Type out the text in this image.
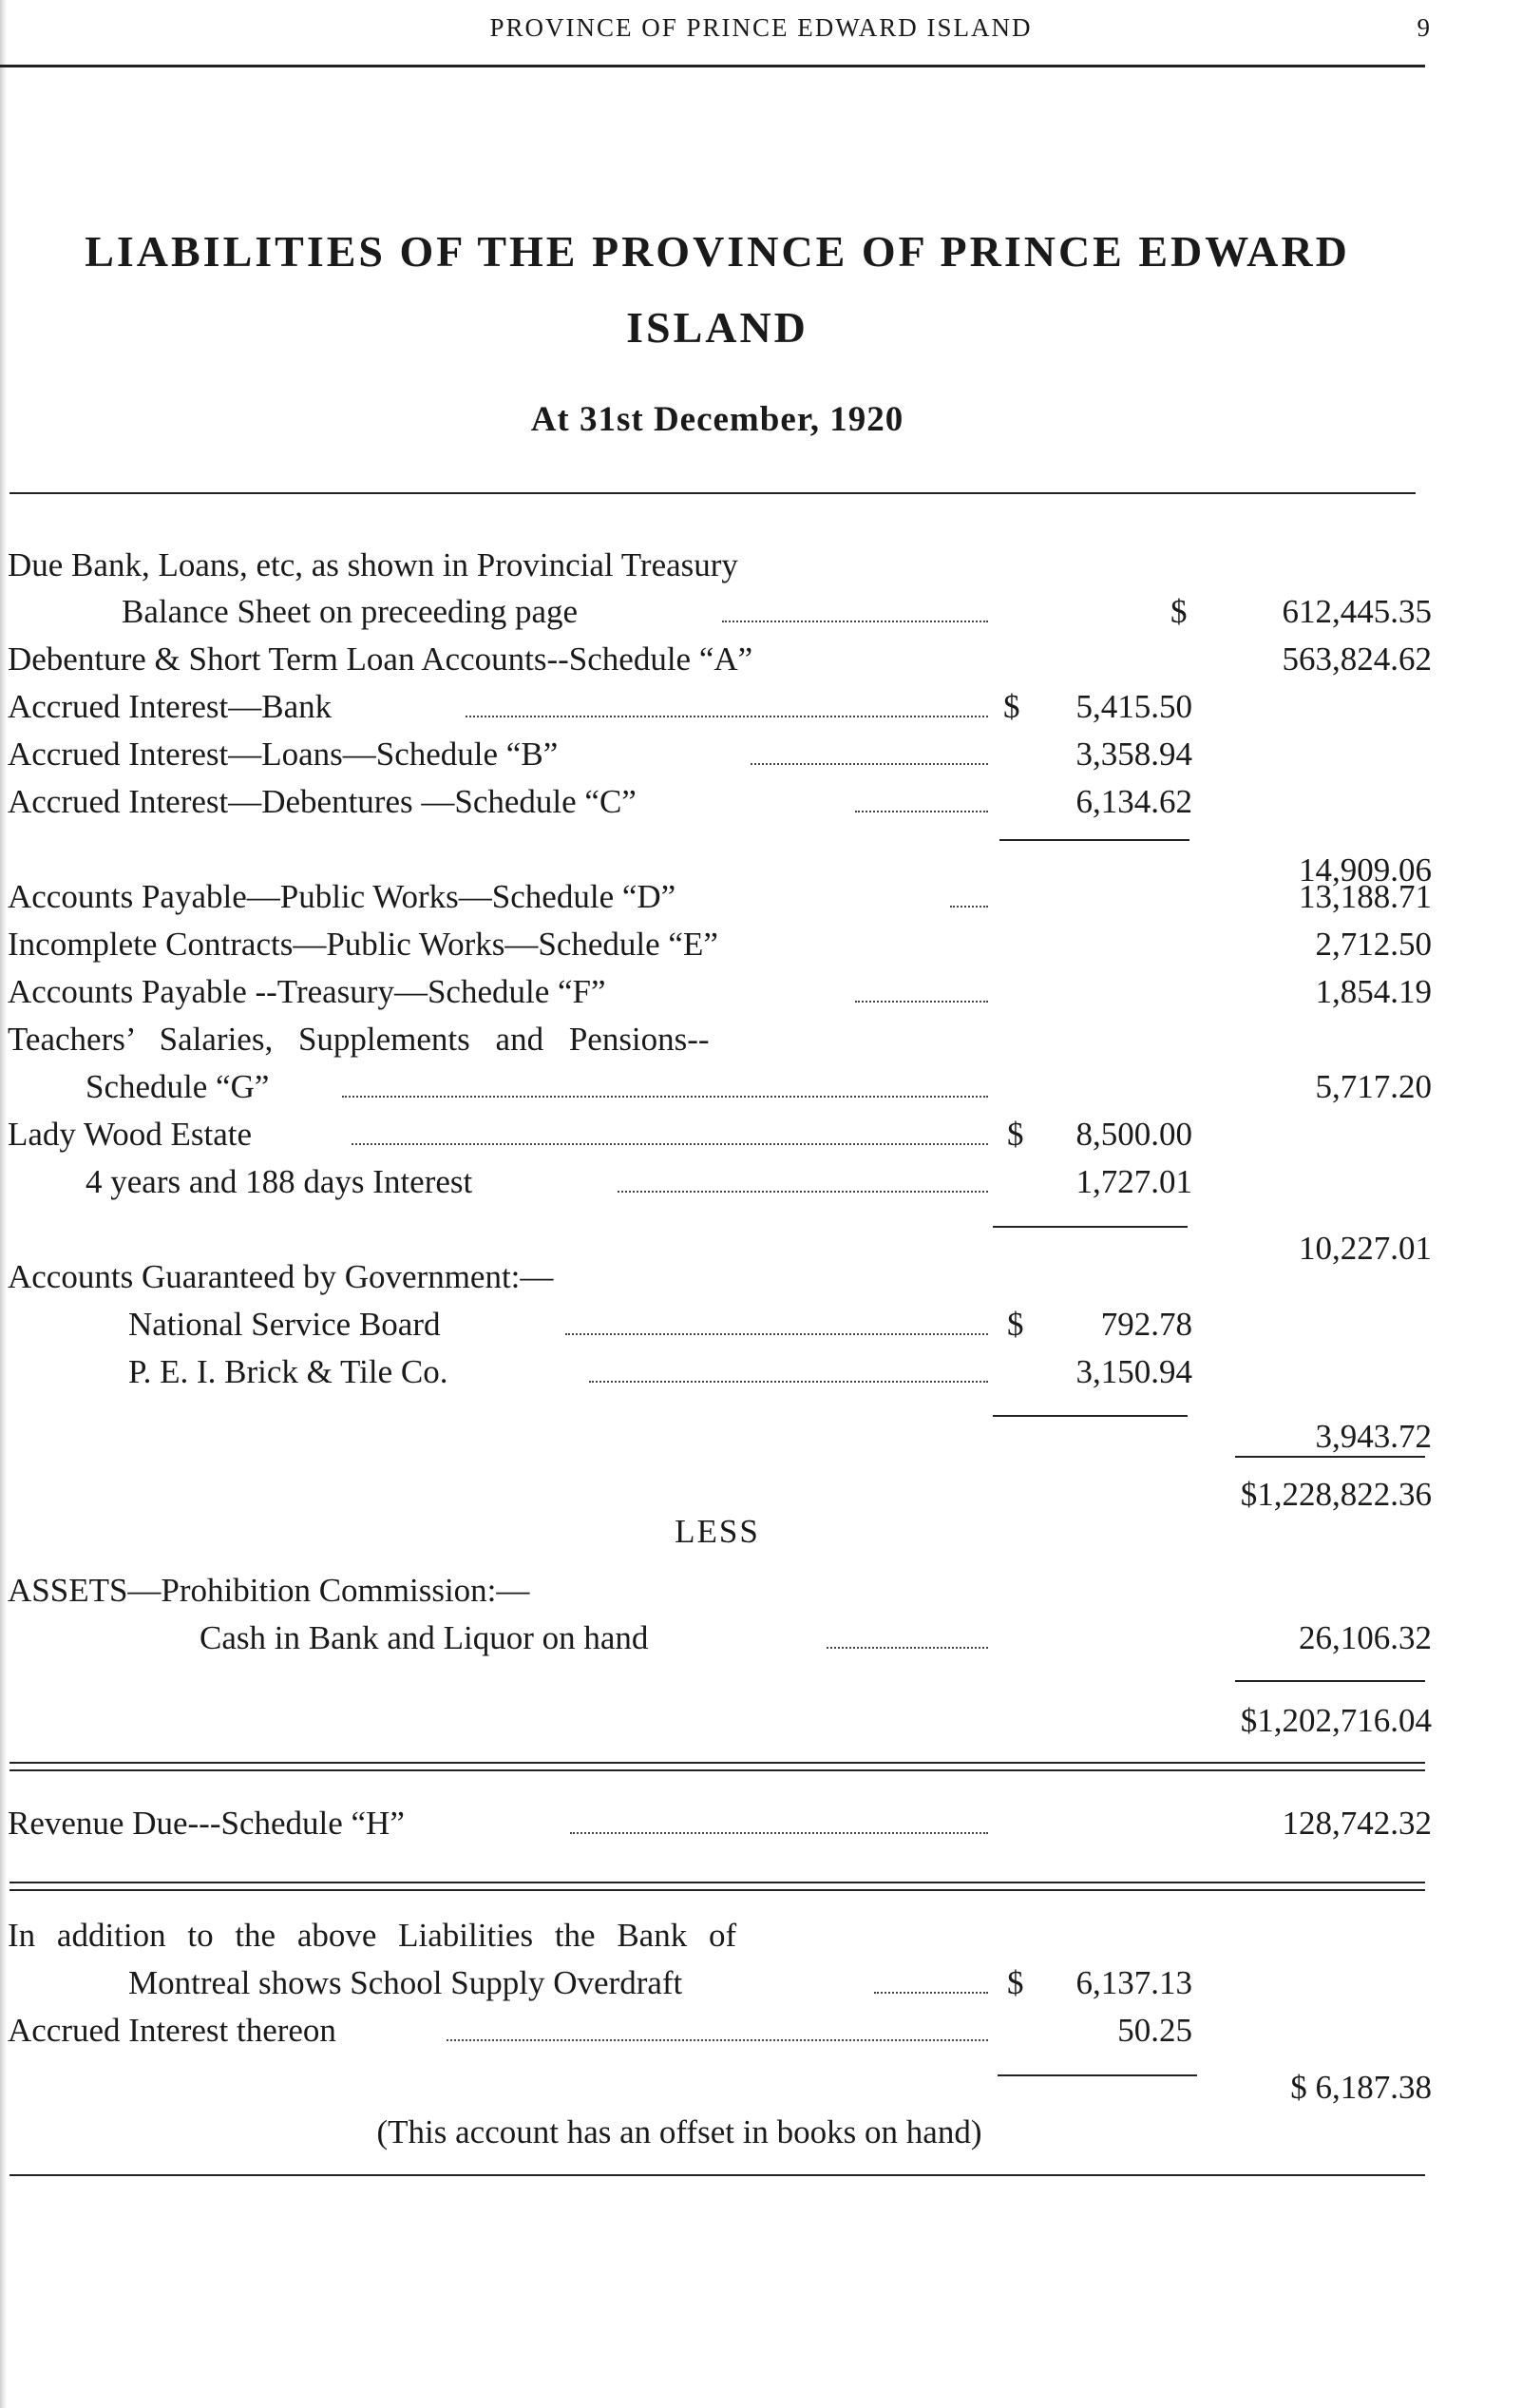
PROVINCE OF PRINCE EDWARD ISLAND	9
LIABILITIES OF THE PROVINCE OF PRINCE EDWARD
ISLAND
At 31st December, 1920
Due Bank, Loans, etc, as shown in Provincial Treasury
Balance Sheet on preceeding page	$	612,445.35
Debenture & Short Term Loan Accounts--Schedule “A”	563,824.62
Accrued Interest—Bank	$ 5,415.50
Accrued Interest—Loans—Schedule “B”	3,358.94
Accrued Interest—Debentures —Schedule “C”	6,134.62
14,909.06
Accounts Payable—Public Works—Schedule “D”	13,188.71
Incomplete Contracts—Public Works—Schedule “E”	2,712.50
Accounts Payable --Treasury—Schedule “F”	1,854.19
Teachers’ Salaries, Supplements and Pensions--
Schedule “G”	5,717.20
Lady Wood Estate	$ 8,500.00
4 years and 188 days Interest	1,727.01
10,227.01
Accounts Guaranteed by Government:—
National Service Board	$ 792.78
P. E. I. Brick & Tile Co.	3,150.94
3,943.72
$1,228,822.36
LESS
ASSETS—Prohibition Commission:—
Cash in Bank and Liquor on hand	26,106.32
$1,202,716.04
Revenue Due---Schedule “H”	128,742.32
In addition to the above Liabilities the Bank of
Montreal shows School Supply Overdraft	$ 6,137.13
Accrued Interest thereon	50.25
$ 6,187.38
(This account has an offset in books on hand)
